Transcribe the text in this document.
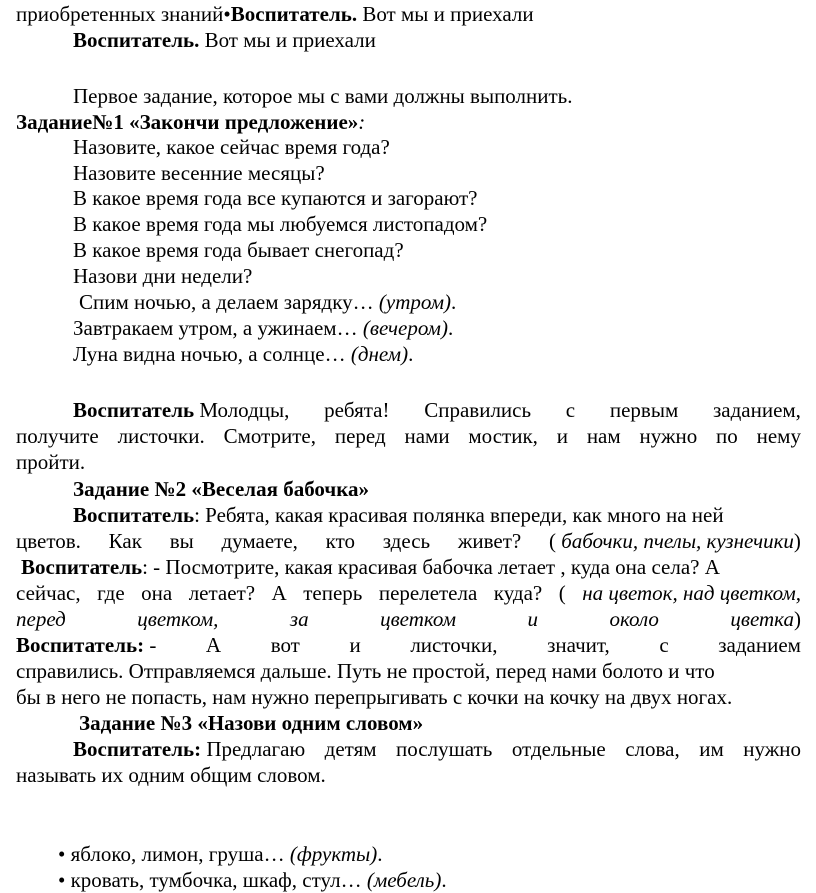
приобретенных знаний•Воспитатель. Вот мы и приехали
Воспитатель. Вот мы и приехали
Первое задание, которое мы с вами должны выполнить.
Задание№1 «Закончи предложение»:
Назовите, какое сейчас время года?
Назовите весенние месяцы?
В какое время года все купаются и загорают?
В какое время года мы любуемся листопадом?
В какое время года бывает снегопад?
Назови дни недели?
Спим ночью, а делаем зарядку… (утром).
Завтракаем утром, а ужинаем… (вечером).
Луна видна ночью, а солнце… (днем).
Воспитатель Молодцы, ребята! Справились с первым заданием,
получите листочки. Смотрите, перед нами мостик, и нам нужно по нему
пройти.
Задание №2 «Веселая бабочка»
Воспитатель: Ребята, какая красивая полянка впереди, как много на ней
цветов. Как вы думаете, кто здесь живет? ( бабочки, пчелы, кузнечики)
Воспитатель: - Посмотрите, какая красивая бабочка летает , куда она села? А
сейчас, где она летает? А теперь перелетела куда? ( на цветок, над цветком,
перед	цветком,	за	цветком	и	около	цветка)
Воспитатель: - А вот и листочки, значит, с заданием
справились. Отправляемся дальше. Путь не простой, перед нами болото и что
бы в него не попасть, нам нужно перепрыгивать с кочки на кочку на двух ногах.
Задание №3 «Назови одним словом»
Воспитатель: Предлагаю детям послушать отдельные слова, им нужно
называть их одним общим словом.
• яблоко, лимон, груша… (фрукты).
• кровать, тумбочка, шкаф, стул… (мебель).
